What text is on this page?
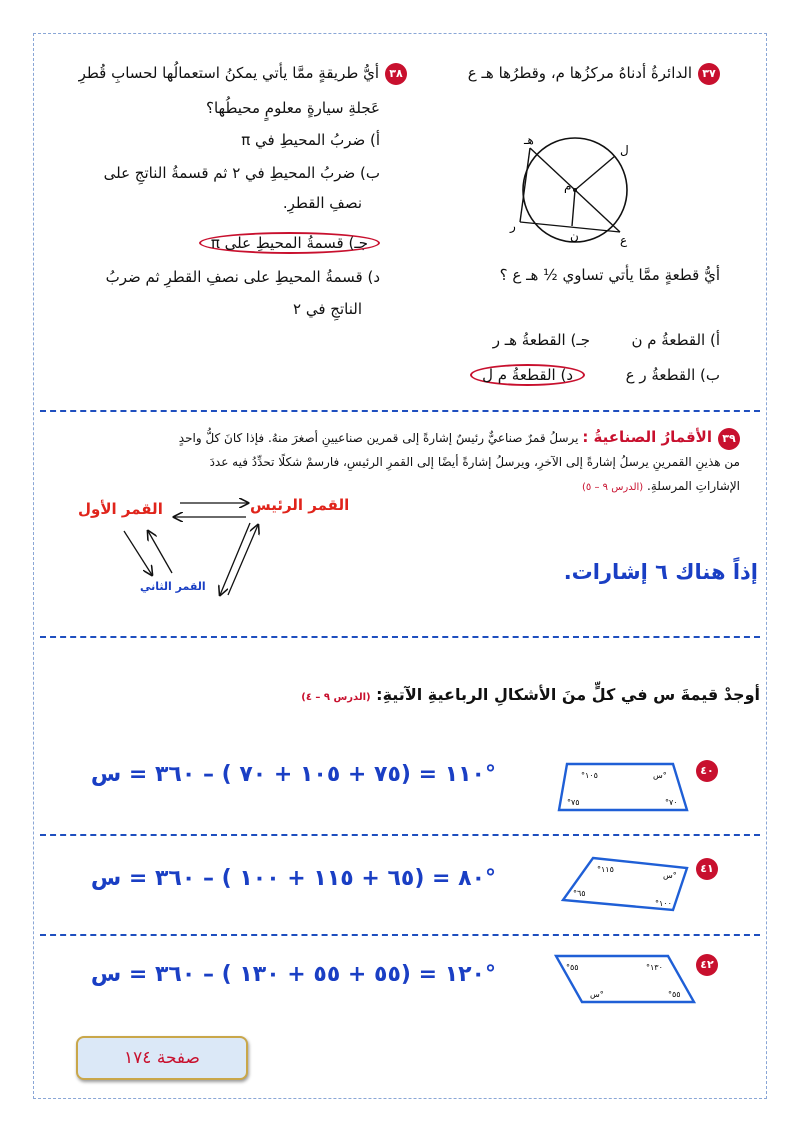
٣٧الدائرةُ أدناهُ مركزُها م، وقطرُها هـ ع
هـ
ل
م
ر
ن	ع
أيُّ قطعةٍ ممَّا يأتي تساوي ½ هـ ع ؟
أ) القطعةُ م ن
جـ) القطعةُ هـ ر
ب) القطعةُ ر ع
د) القطعةُ م ل
٣٨أيُّ طريقةٍ ممَّا يأتي يمكنُ استعمالُها لحسابِ قُطرِ
عَجلةِ سيارةٍ معلومٍ محيطُها؟
أ) ضربُ المحيطِ في π
ب) ضربُ المحيطِ في ٢ ثم قسمةُ الناتجِ على
نصفِ القطرِ.
جـ) قسمةُ المحيطِ على π
د) قسمةُ المحيطِ على نصفِ القطرِ ثم ضربُ
الناتجِ في ٢
٣٩الأقمارُ الصناعيةُ : يرسلُ قمرٌ صناعيٌّ رئيسٌ إشارةً إلى قمرين صناعيينِ أصغرَ منهُ. فإذا كانَ كلُّ واحدٍ
من هذينِ القمرينِ يرسلُ إشارةً إلى الآخرِ، ويرسلُ إشارةً أيضًا إلى القمرِ الرئيسِ، فارسمْ شكلًا تحدِّدُ فيه عددَ
الإشاراتِ المرسلةِ. (الدرس ٩ – ٥)
القمر الرئيس
القمر الأول
القمر الثاني
إذاً هناك ٦ إشارات.
أوجدْ قيمةَ س في كلٍّ منَ الأشكالِ الرباعيةِ الآتيةِ: (الدرس ٩ – ٤)
°١١٠ = (٧٥ + ١٠٥ + ٧٠ ) – ٣٦٠ = س	°١٠٥	س°
°٧٥	°٧٠
٤٠
°٨٠ = (٦٥ + ١١٥ + ١٠٠ ) – ٣٦٠ = س	°١١٥
س°
°٦٥
°١٠٠
٤١
°١٢٠ = (٥٥ + ٥٥ + ١٣٠ ) – ٣٦٠ = س	°٥٥	°١٣٠
س°	°٥٥
٤٢
صفحة ١٧٤
